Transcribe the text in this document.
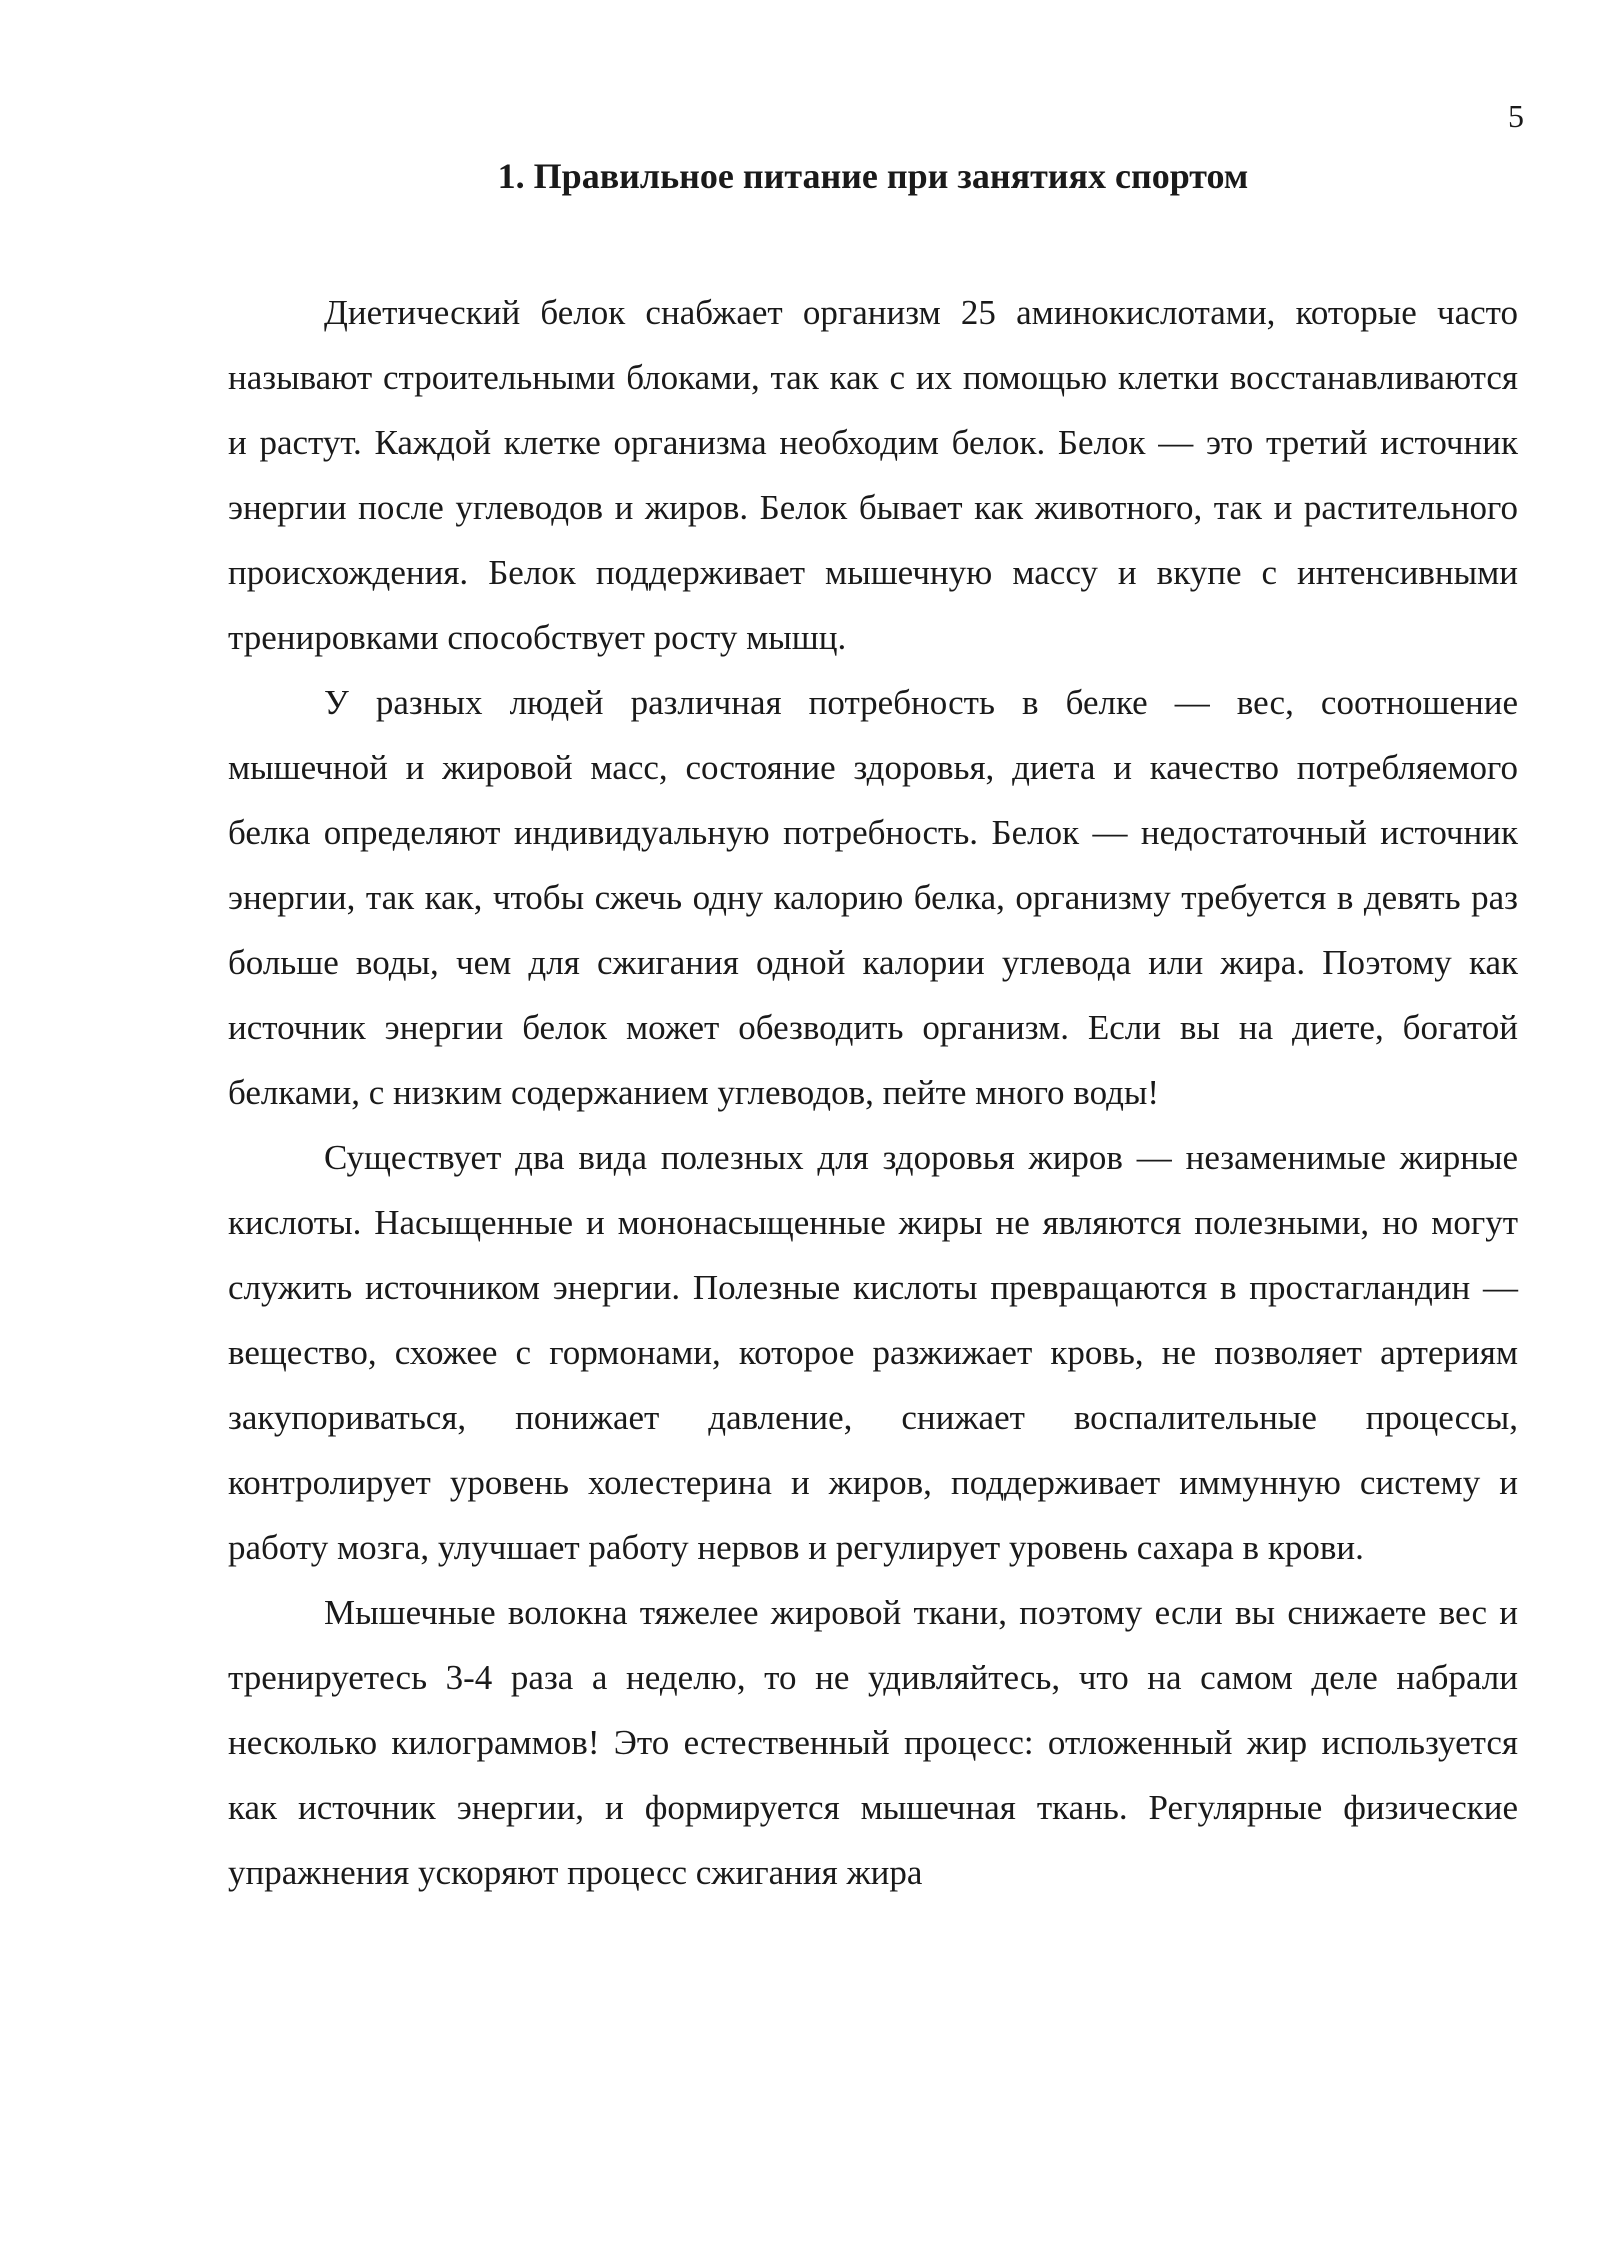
5
1. Правильное питание при занятиях спортом

Диетический белок снабжает организм 25 аминокислотами, которые часто называют строительными блоками, так как с их помощью клетки восстанавливаются и растут. Каждой клетке организма необходим белок. Белок — это третий источник энергии после углеводов и жиров. Белок бывает как животного, так и растительного происхождения. Белок поддерживает мышечную массу и вкупе с интенсивными тренировками способствует росту мышц.

У разных людей различная потребность в белке — вес, соотношение мышечной и жировой масс, состояние здоровья, диета и качество потребляемого белка определяют индивидуальную потребность. Белок — недостаточный источник энергии, так как, чтобы сжечь одну калорию белка, организму требуется в девять раз больше воды, чем для сжигания одной калории углевода или жира. Поэтому как источник энергии белок может обезводить организм. Если вы на диете, богатой белками, с низким содержанием углеводов, пейте много воды!

Существует два вида полезных для здоровья жиров — незаменимые жирные кислоты. Насыщенные и мононасыщенные жиры не являются полезными, но могут служить источником энергии. Полезные кислоты превращаются в простагландин — вещество, схожее с гормонами, которое разжижает кровь, не позволяет артериям закупориваться, понижает давление, снижает воспалительные процессы, контролирует уровень холестерина и жиров, поддерживает иммунную систему и работу мозга, улучшает работу нервов и регулирует уровень сахара в крови.

Мышечные волокна тяжелее жировой ткани, поэтому если вы снижаете вес и тренируетесь 3-4 раза а неделю, то не удивляйтесь, что на самом деле набрали несколько килограммов! Это естественный процесс: отложенный жир используется как источник энергии, и формируется мышечная ткань. Регулярные физические упражнения ускоряют процесс сжигания жира
